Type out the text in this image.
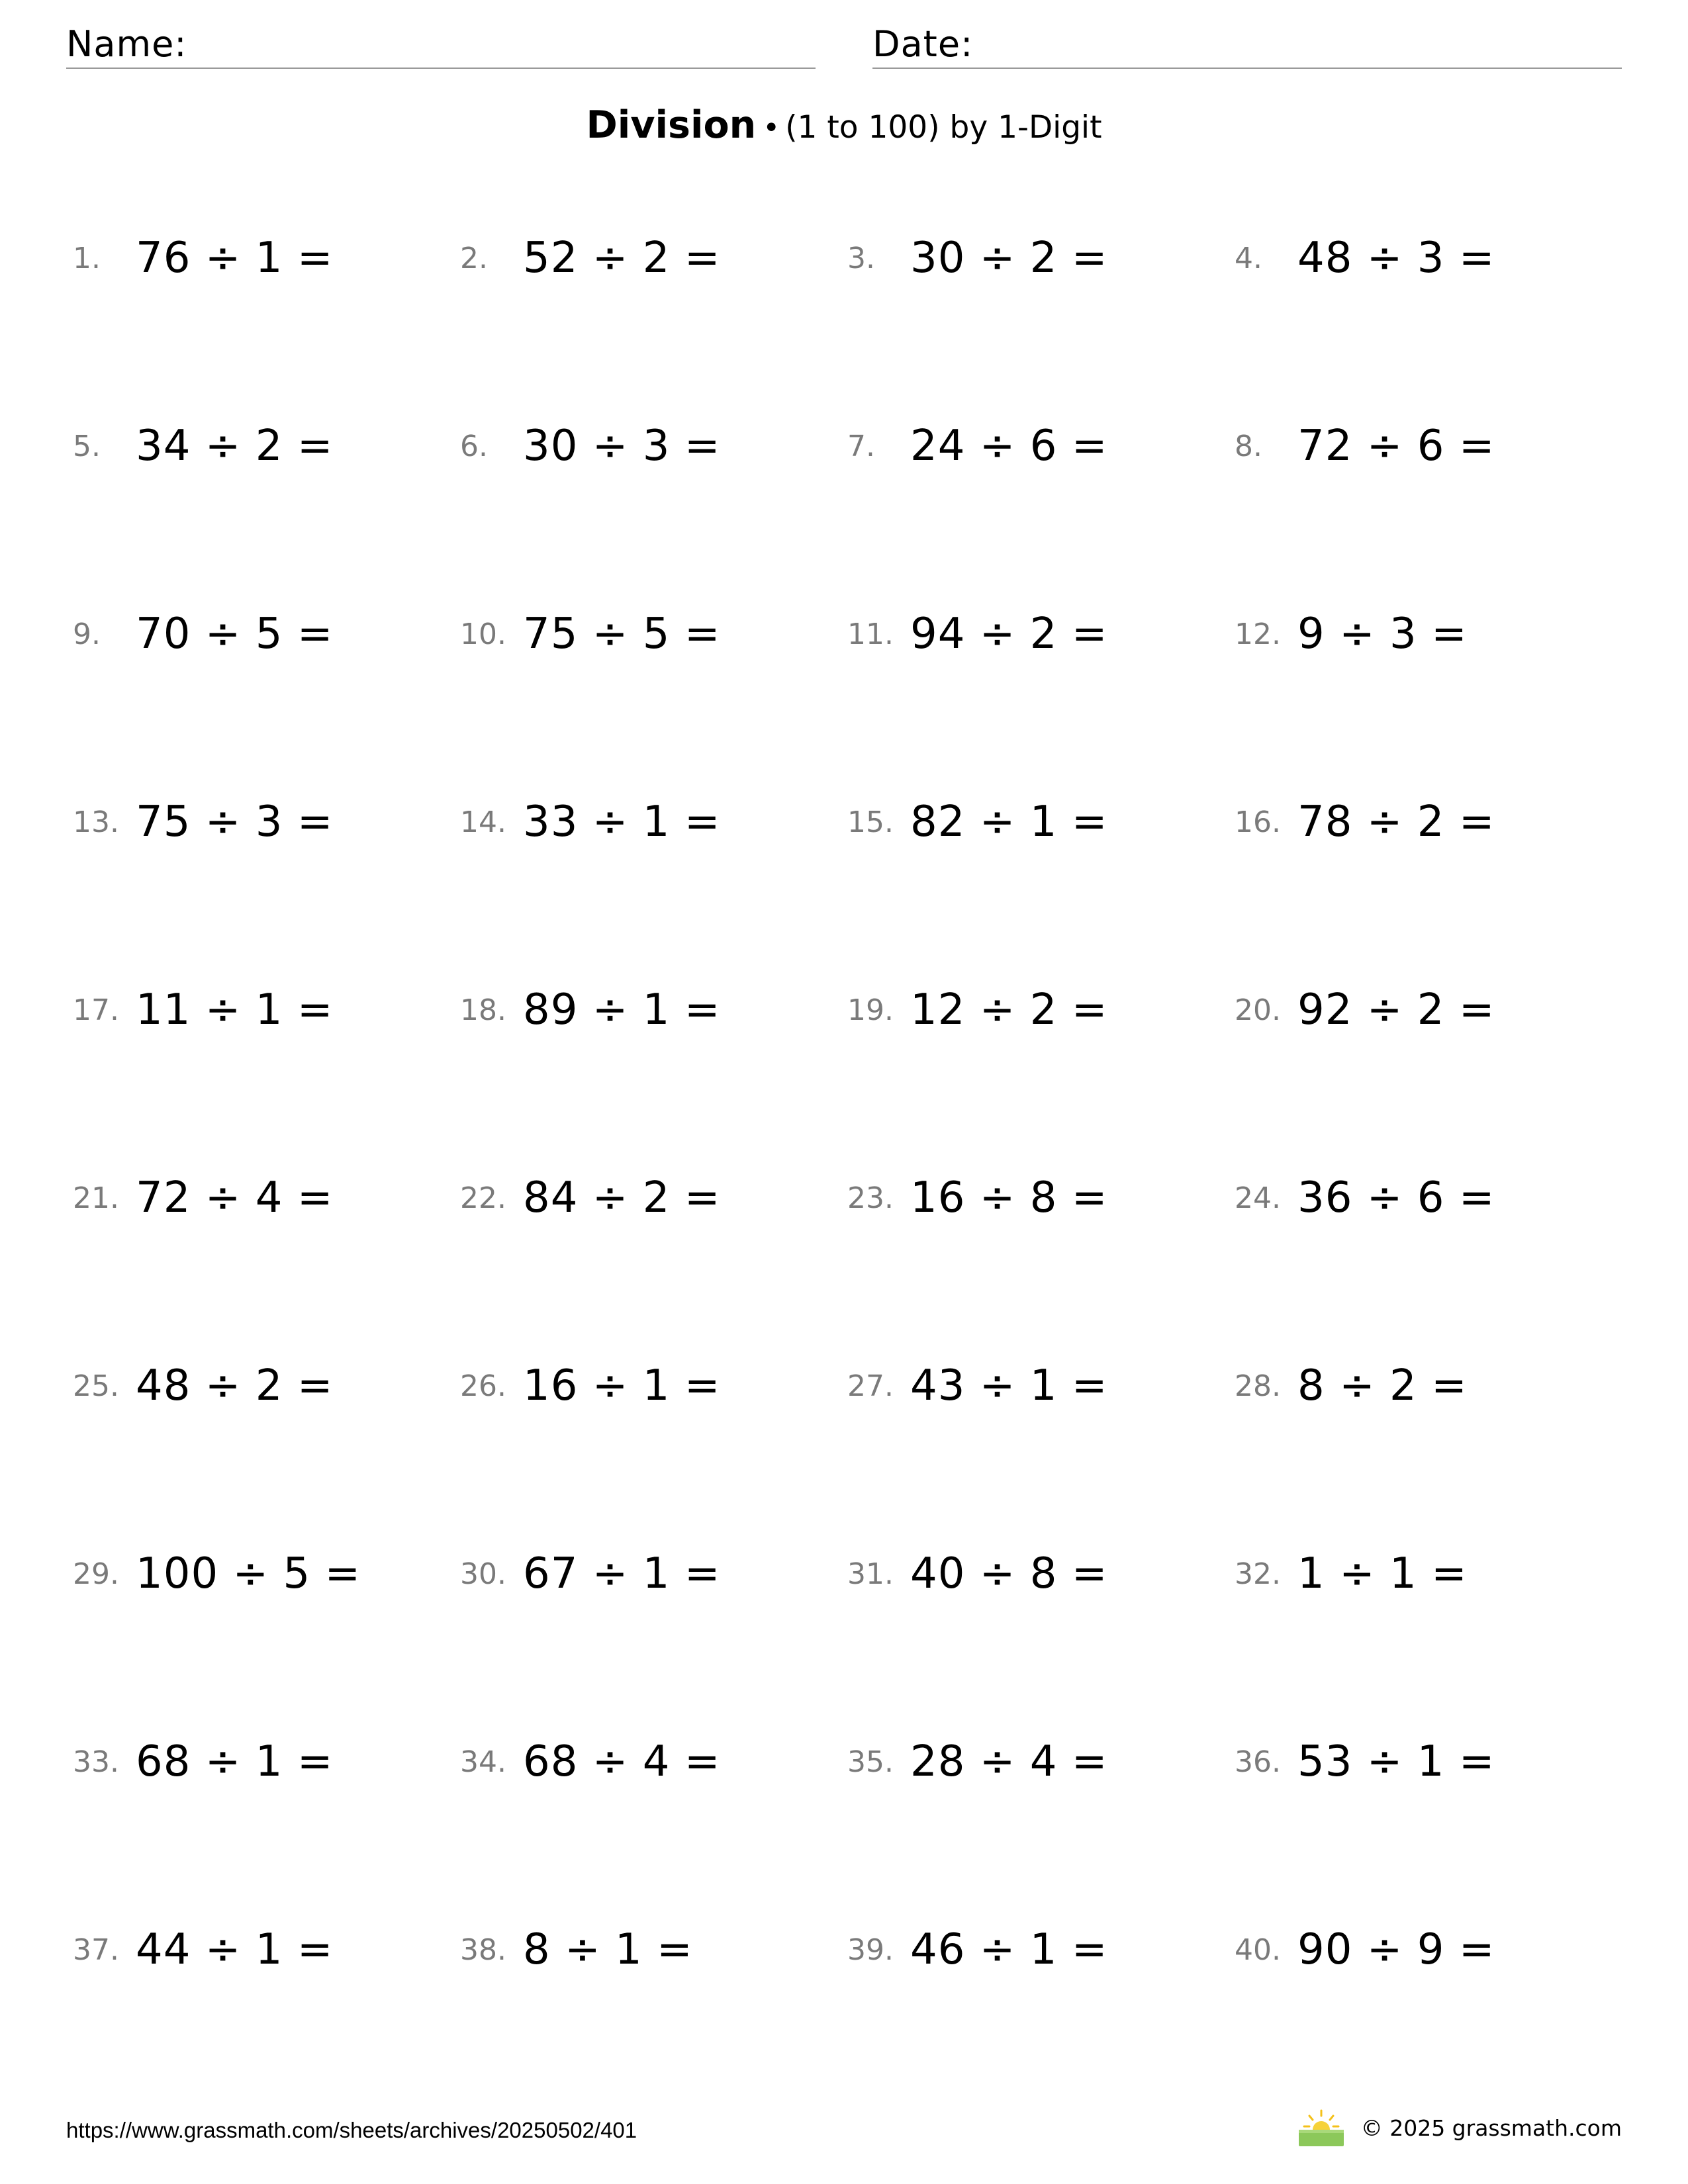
Name:	Date:
Division • (1 to 100) by 1-Digit
1. 76 ÷ 1 =	2. 52 ÷ 2 =	3. 30 ÷ 2 =	4. 48 ÷ 3 =
5. 34 ÷ 2 =	6. 30 ÷ 3 =	7. 24 ÷ 6 =	8. 72 ÷ 6 =
9. 70 ÷ 5 =	10. 75 ÷ 5 =	11. 94 ÷ 2 =	12. 9 ÷ 3 =
13. 75 ÷ 3 =	14. 33 ÷ 1 =	15. 82 ÷ 1 =	16. 78 ÷ 2 =
17. 11 ÷ 1 =	18. 89 ÷ 1 =	19. 12 ÷ 2 =	20. 92 ÷ 2 =
21. 72 ÷ 4 =	22. 84 ÷ 2 =	23. 16 ÷ 8 =	24. 36 ÷ 6 =
25. 48 ÷ 2 =	26. 16 ÷ 1 =	27. 43 ÷ 1 =	28. 8 ÷ 2 =
29. 100 ÷ 5 =	30. 67 ÷ 1 =	31. 40 ÷ 8 =	32. 1 ÷ 1 =
33. 68 ÷ 1 =	34. 68 ÷ 4 =	35. 28 ÷ 4 =	36. 53 ÷ 1 =
37. 44 ÷ 1 =	38. 8 ÷ 1 =	39. 46 ÷ 1 =	40. 90 ÷ 9 =
https://www.grassmath.com/sheets/archives/20250502/401	© 2025 grassmath.com
